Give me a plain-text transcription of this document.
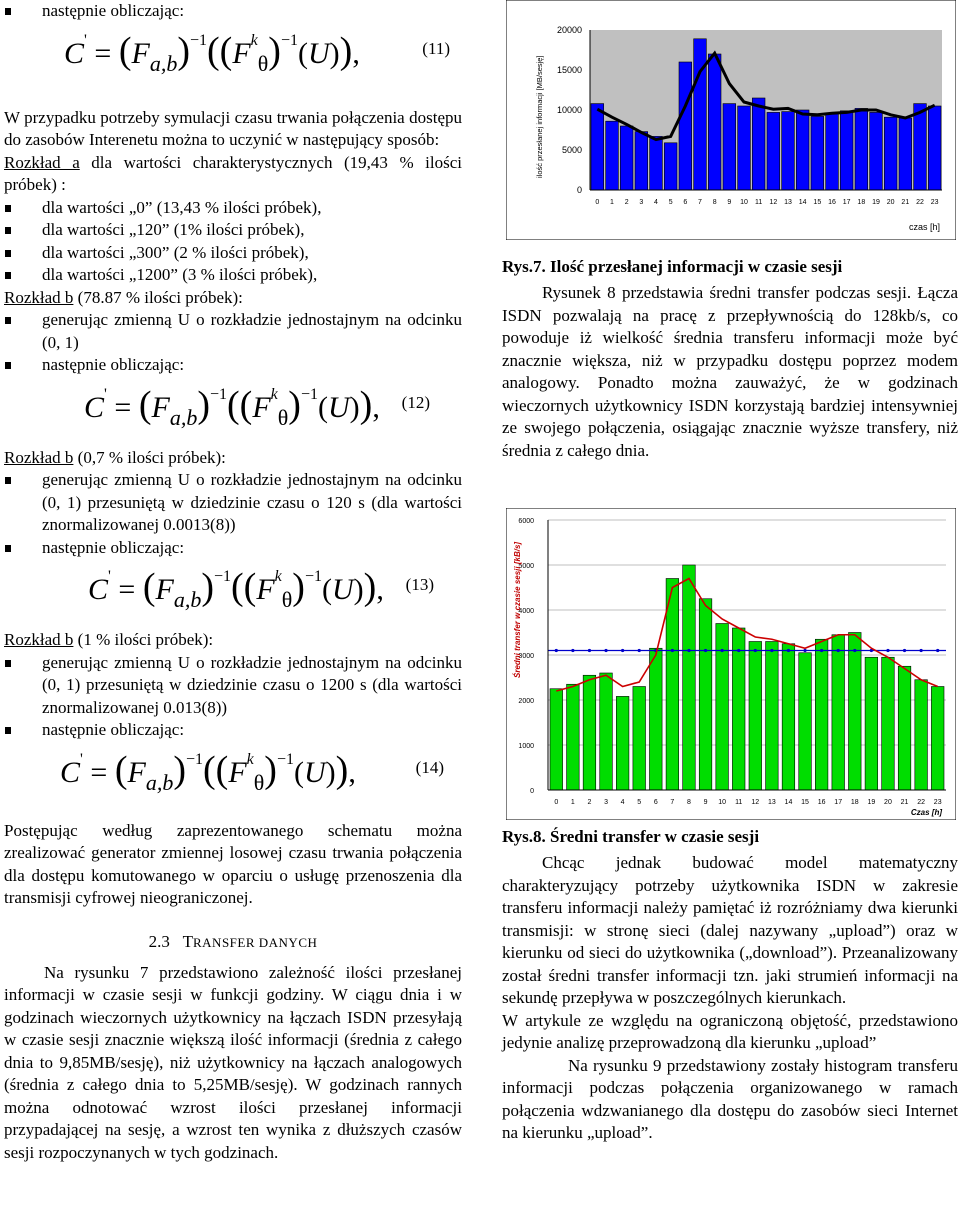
następnie obliczając:
$C' = (F_{a,b})^{-1}((F^k_\theta)^{-1}(U))$,	(11)

W przypadku potrzeby symulacji czasu trwania połączenia dostępu do zasobów Interenetu można to uczynić w następujący sposób:

Rozkład a dla wartości charakterystycznych (19,43 % ilości próbek) :

dla wartości „0” (13,43 % ilości próbek),
dla wartości „120” (1% ilości próbek),
dla wartości „300” (2 % ilości próbek),
dla wartości „1200” (3 % ilości próbek),

Rozkład b (78.87 % ilości próbek):

generując zmienną U o rozkładzie jednostajnym na odcinku (0, 1)
następnie obliczając:
$C' = (F_{a,b})^{-1}((F^k_\theta)^{-1}(U))$, (12)

Rozkład b (0,7 % ilości próbek):

generując zmienną U o rozkładzie jednostajnym na odcinku (0, 1) przesuniętą w dziedzinie czasu o 120 s (dla wartości znormalizowanej 0.0013(8))
następnie obliczając:
$C' = (F_{a,b})^{-1}((F^k_\theta)^{-1}(U))$, (13)

Rozkład b (1 % ilości próbek):

generując zmienną U o rozkładzie jednostajnym na odcinku (0, 1) przesuniętą w dziedzinie czasu o 1200 s (dla wartości znormalizowanej 0.013(8))
następnie obliczając:
$C' = (F_{a,b})^{-1}((F^k_\theta)^{-1}(U))$,	(14)

Postępując według zaprezentowanego schematu można zrealizować generator zmiennej losowej czasu trwania połączenia dla dostępu komutowanego w oparciu o usługę przenoszenia dla transmisji cyfrowej nieograniczonej.

2.3 TRANSFER DANYCH

Na rysunku 7 przedstawiono zależność ilości przesłanej informacji w czasie sesji w funkcji godziny. W ciągu dnia i w godzinach wieczornych użytkownicy na łączach ISDN przesyłają w czasie sesji znacznie większą ilość informacji (średnia z całego dnia to 9,85MB/sesję), niż użytkownicy na łączach analogowych (średnia z całego dnia to 5,25MB/sesję). W godzinach rannych można odnotować wzrost ilości przesłanej informacji przypadającej na sesję, a wzrost ten wynika z dłuższych czasów sesji rozpoczynanych w tych godzinach.

0 1 2 3 4 5 6 7 8 9 10 11 12 13 14 15 16 17 18 19 20 21 22 23
0
5000
10000
15000
20000
ilość przesłanej informacji [MB/sesję]
czas [h]

Rys.7. Ilość przesłanej informacji w czasie sesji

Rysunek 8 przedstawia średni transfer podczas sesji. Łącza ISDN pozwalają na pracę z przepływnością do 128kb/s, co powoduje iż wielkość średnia transferu informacji może być znacznie większa, niż w przypadku dostępu poprzez modem analogowy. Ponadto można zauważyć, że w godzinach wieczornych użytkownicy ISDN korzystają bardziej intensywniej ze swojego połączenia, osiągając znacznie wyższe transfery, niż średnia z całego dnia.

0
1000
2000
3000
4000
5000
6000
0 1 2 3 4 5 6 7 8 9 10 11 12 13 14 15 16 17 18 19 20 21 22 23
Średni transfer w czasie sesji [kB/s]
Czas [h]

Rys.8. Średni transfer w czasie sesji

Chcąc jednak budować model matematyczny charakteryzujący potrzeby użytkownika ISDN w zakresie transferu informacji należy pamiętać iż rozróżniamy dwa kierunki transmisji: w stronę sieci (dalej nazywany „upload”) oraz w kierunku od sieci do użytkownika („download”). Przeanalizowany został średni transfer informacji tzn. jaki strumień informacji na sekundę przepływa w poszczególnych kierunkach.

W artykule ze względu na ograniczoną objętość, przedstawiono jedynie analizę przeprowadzoną dla kierunku „upload”

Na rysunku 9 przedstawiony zostały histogram transferu informacji podczas połączenia organizowanego w ramach połączenia wdzwanianego dla dostępu do zasobów sieci Internet na kierunku „upload”.
